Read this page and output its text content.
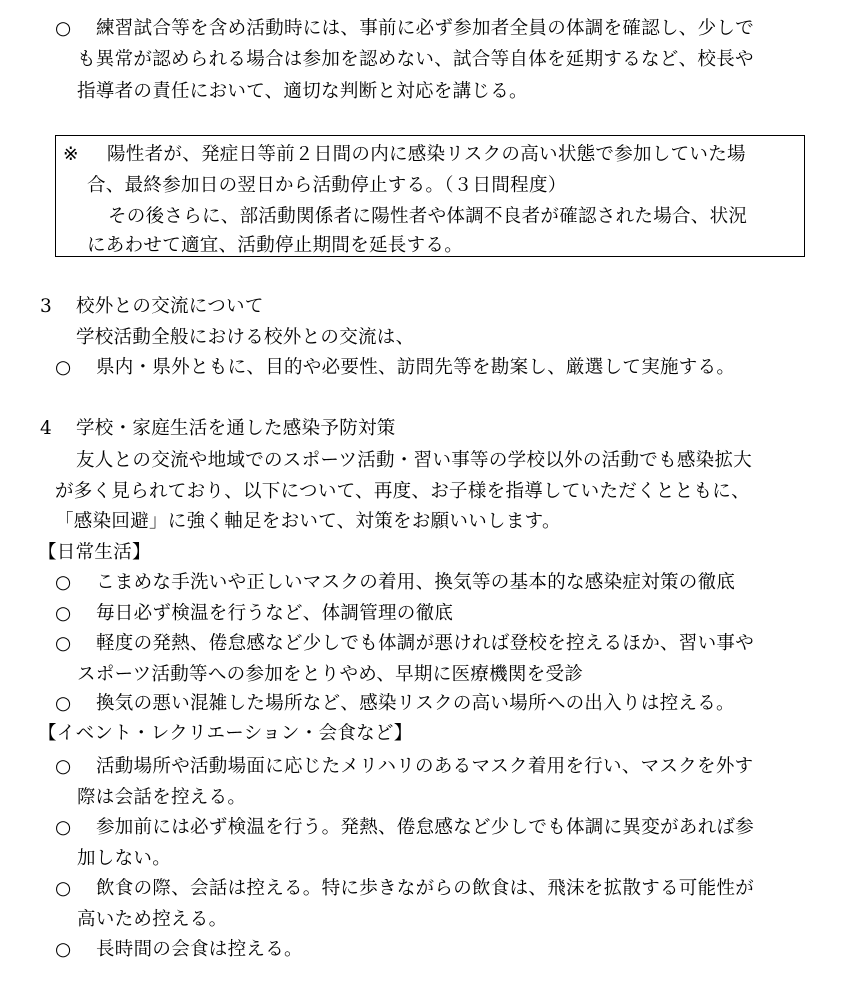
○ 練習試合等を含め活動時には、事前に必ず参加者全員の体調を確認し、少しで
も異常が認められる場合は参加を認めない、試合等自体を延期するなど、校長や
指導者の責任において、適切な判断と対応を講じる。
※ 陽性者が、発症日等前２日間の内に感染リスクの高い状態で参加していた場
合、最終参加日の翌日から活動停止する。（３日間程度）
その後さらに、部活動関係者に陽性者や体調不良者が確認された場合、状況
にあわせて適宜、活動停止期間を延長する。
3 校外との交流について
学校活動全般における校外との交流は、
○ 県内・県外ともに、目的や必要性、訪問先等を勘案し、厳選して実施する。
4 学校・家庭生活を通した感染予防対策
友人との交流や地域でのスポーツ活動・習い事等の学校以外の活動でも感染拡大
が多く見られており、以下について、再度、お子様を指導していただくとともに、
「感染回避」に強く軸足をおいて、対策をお願いいします。
【日常生活】
○ こまめな手洗いや正しいマスクの着用、換気等の基本的な感染症対策の徹底
○ 毎日必ず検温を行うなど、体調管理の徹底
○ 軽度の発熱、倦怠感など少しでも体調が悪ければ登校を控えるほか、習い事や
スポーツ活動等への参加をとりやめ、早期に医療機関を受診
○ 換気の悪い混雑した場所など、感染リスクの高い場所への出入りは控える。
【イベント・レクリエーション・会食など】
○ 活動場所や活動場面に応じたメリハリのあるマスク着用を行い、マスクを外す
際は会話を控える。
○ 参加前には必ず検温を行う。発熱、倦怠感など少しでも体調に異変があれば参
加しない。
○ 飲食の際、会話は控える。特に歩きながらの飲食は、飛沫を拡散する可能性が
高いため控える。
○ 長時間の会食は控える。
